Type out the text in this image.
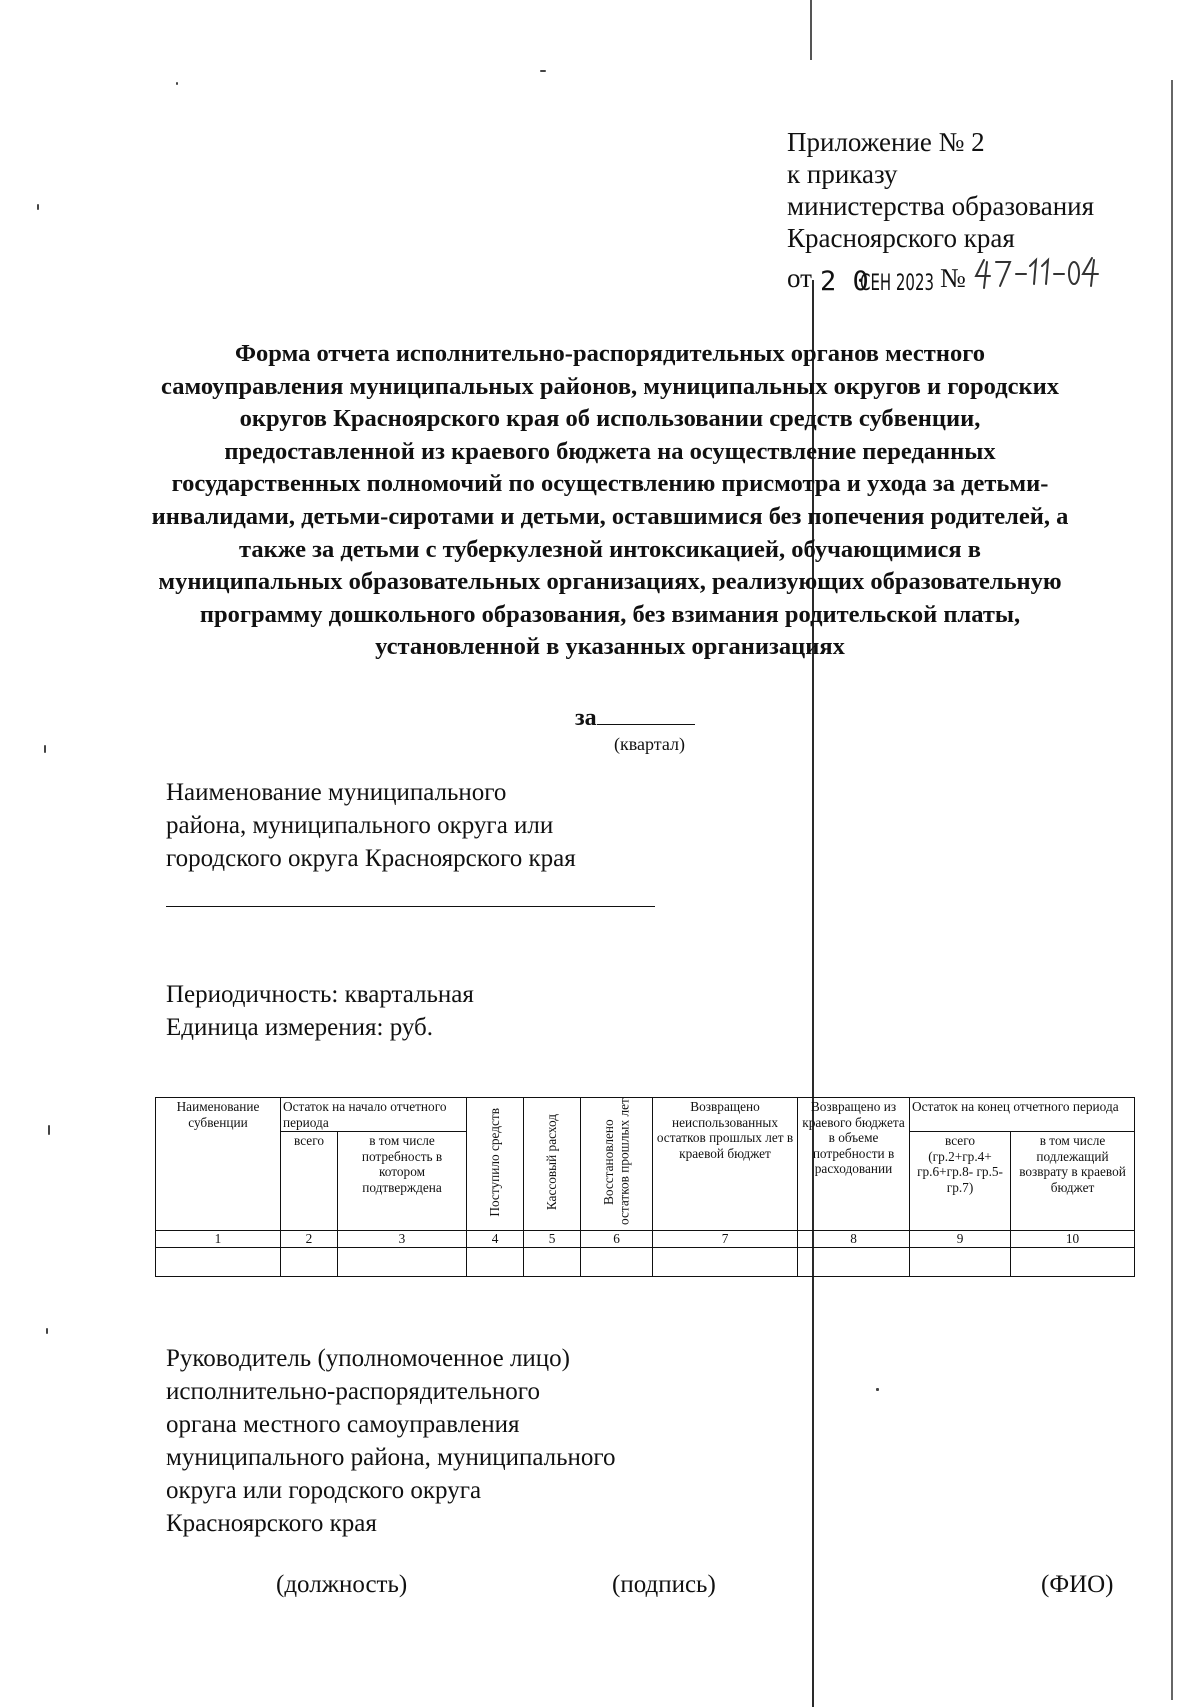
Приложение № 2
к приказу
министерства образования
Красноярского края
от 2 0
СЕН 2023 №
Форма отчета исполнительно-распорядительных органов местного самоуправления муниципальных районов, муниципальных округов и городских округов Красноярского края об использовании средств субвенции, предоставленной из краевого бюджета на осуществление переданных государственных полномочий по осуществлению присмотра и ухода за детьми-инвалидами, детьми-сиротами и детьми, оставшимися без попечения родителей, а также за детьми с туберкулезной интоксикацией, обучающимися в муниципальных образовательных организациях, реализующих образовательную программу дошкольного образования, без взимания родительской платы, установленной в указанных организациях
за
(квартал)
Наименование муниципального
района, муниципального округа или
городского округа Красноярского края
Периодичность: квартальная
Единица измерения: руб.
Наименование субвенции	Остаток на начало отчетного периода		Поступило средств	Кассовый расход	Восстановлено остатков прошлых лет	Возвращено неиспользованных остатков прошлых лет в краевой бюджет	Возвращено из краевого бюджета в объеме потребности в расходовании	Остаток на конец отчетного периода	
	всего	в том числе потребность в котором подтверждена						всего (гр.2+гр.4+ гр.6+гр.8- гр.5-гр.7)	в том числе подлежащий возврату в краевой бюджет
1	2	3	4	5	6	7	8	9	10

Руководитель (уполномоченное лицо)
исполнительно-распорядительного
органа местного самоуправления
муниципального района, муниципального
округа или городского округа
Красноярского края
(должность)	(подпись)	(ФИО)
